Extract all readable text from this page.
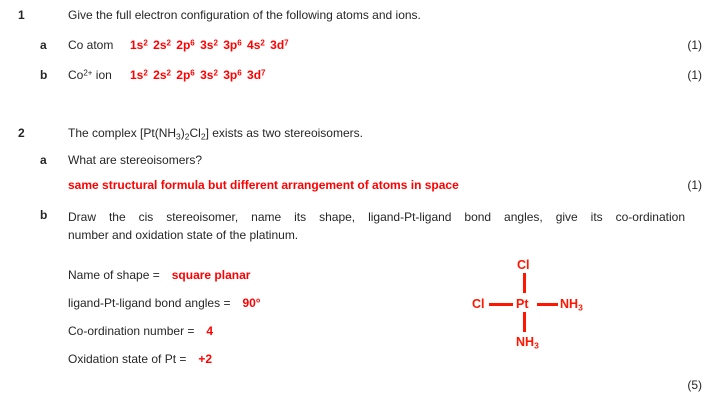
1	Give the full electron configuration of the following atoms and ions.
a Co atom $1s^2$ $2s^2$ $2p^6$ $3s^2$ $3p^6$ $4s^2$ $3d^7$	(1)
b $Co^{2+}$ ion $1s^2$ $2s^2$ $2p^6$ $3s^2$ $3p^6$ $3d^7$	(1)
2	The complex $[Pt(NH_3)_2Cl_2]$ exists as two stereoisomers.
a What are stereoisomers?
same structural formula but different arrangement of atoms in space	(1)
b Draw the cis stereoisomer, name its shape, ligand-Pt-ligand bond angles, give its co-ordination
number and oxidation state of the platinum.
Name of shape = square planar
ligand-Pt-ligand bond angles = 90°
Co-ordination number = 4
Oxidation state of Pt = +2
Cl
Cl	Pt	$NH_3$
$NH_3$
(5)
